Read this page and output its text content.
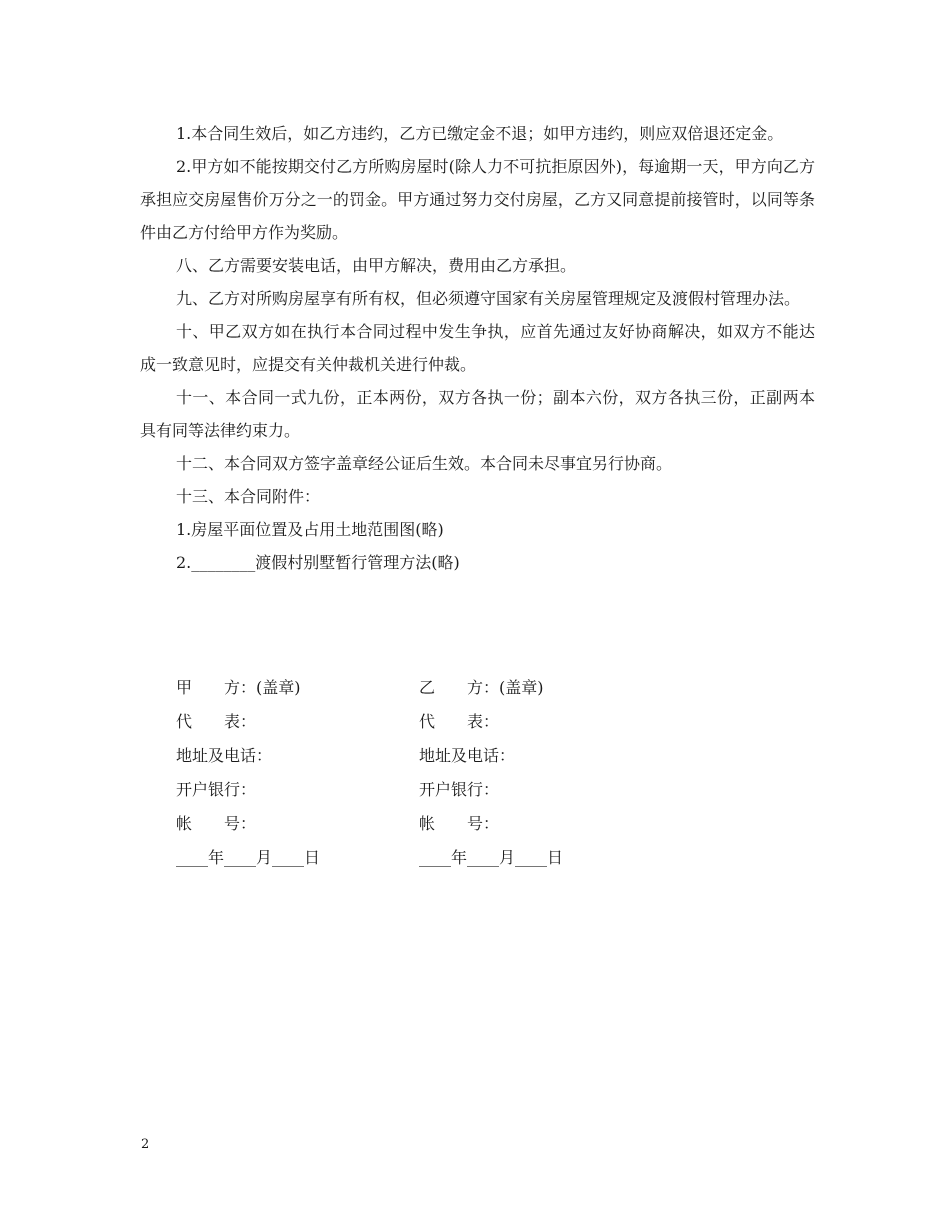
1.本合同生效后，如乙方违约，乙方已缴定金不退；如甲方违约，则应双倍退还定金。

2.甲方如不能按期交付乙方所购房屋时(除人力不可抗拒原因外)，每逾期一天，甲方向乙方承担应交房屋售价万分之一的罚金。甲方通过努力交付房屋，乙方又同意提前接管时，以同等条件由乙方付给甲方作为奖励。

八、乙方需要安装电话，由甲方解决，费用由乙方承担。

九、乙方对所购房屋享有所有权，但必须遵守国家有关房屋管理规定及渡假村管理办法。

十、甲乙双方如在执行本合同过程中发生争执，应首先通过友好协商解决，如双方不能达成一致意见时，应提交有关仲裁机关进行仲裁。

十一、本合同一式九份，正本两份，双方各执一份；副本六份，双方各执三份，正副两本具有同等法律约束力。

十二、本合同双方签字盖章经公证后生效。本合同未尽事宜另行协商。

十三、本合同附件：

1.房屋平面位置及占用土地范围图(略)

2.________渡假村别墅暂行管理方法(略)

甲　　方：(盖章)	乙　　方：(盖章)
代　　表：	代　　表：
地址及电话：	地址及电话：
开户银行：	开户银行：
帐　　号：	帐　　号：
____年____月____日	____年____月____日
2
